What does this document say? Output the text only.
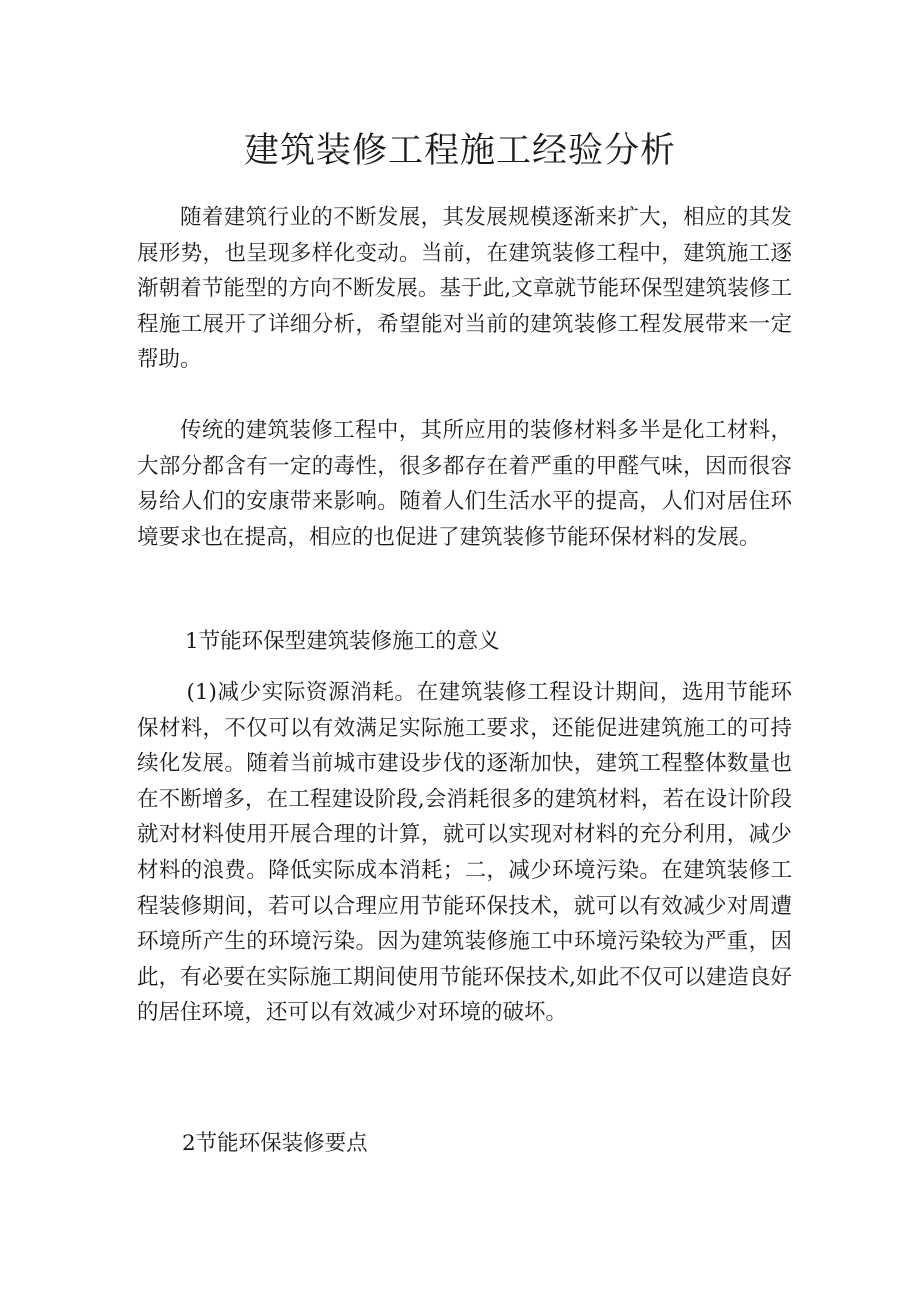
建筑装修工程施工经验分析

随着建筑行业的不断发展，其发展规模逐渐来扩大，相应的其发展形势，也呈现多样化变动。当前，在建筑装修工程中，建筑施工逐渐朝着节能型的方向不断发展。基于此,文章就节能环保型建筑装修工程施工展开了详细分析，希望能对当前的建筑装修工程发展带来一定帮助。

传统的建筑装修工程中，其所应用的装修材料多半是化工材料，大部分都含有一定的毒性，很多都存在着严重的甲醛气味，因而很容易给人们的安康带来影响。随着人们生活水平的提高，人们对居住环境要求也在提高，相应的也促进了建筑装修节能环保材料的发展。

1节能环保型建筑装修施工的意义

(1)减少实际资源消耗。在建筑装修工程设计期间，选用节能环保材料，不仅可以有效满足实际施工要求，还能促进建筑施工的可持续化发展。随着当前城市建设步伐的逐渐加快，建筑工程整体数量也在不断增多，在工程建设阶段,会消耗很多的建筑材料，若在设计阶段就对材料使用开展合理的计算，就可以实现对材料的充分利用，减少材料的浪费。降低实际成本消耗；二，减少环境污染。在建筑装修工程装修期间，若可以合理应用节能环保技术，就可以有效减少对周遭环境所产生的环境污染。因为建筑装修施工中环境污染较为严重，因此，有必要在实际施工期间使用节能环保技术,如此不仅可以建造良好的居住环境，还可以有效减少对环境的破坏。

2节能环保装修要点
